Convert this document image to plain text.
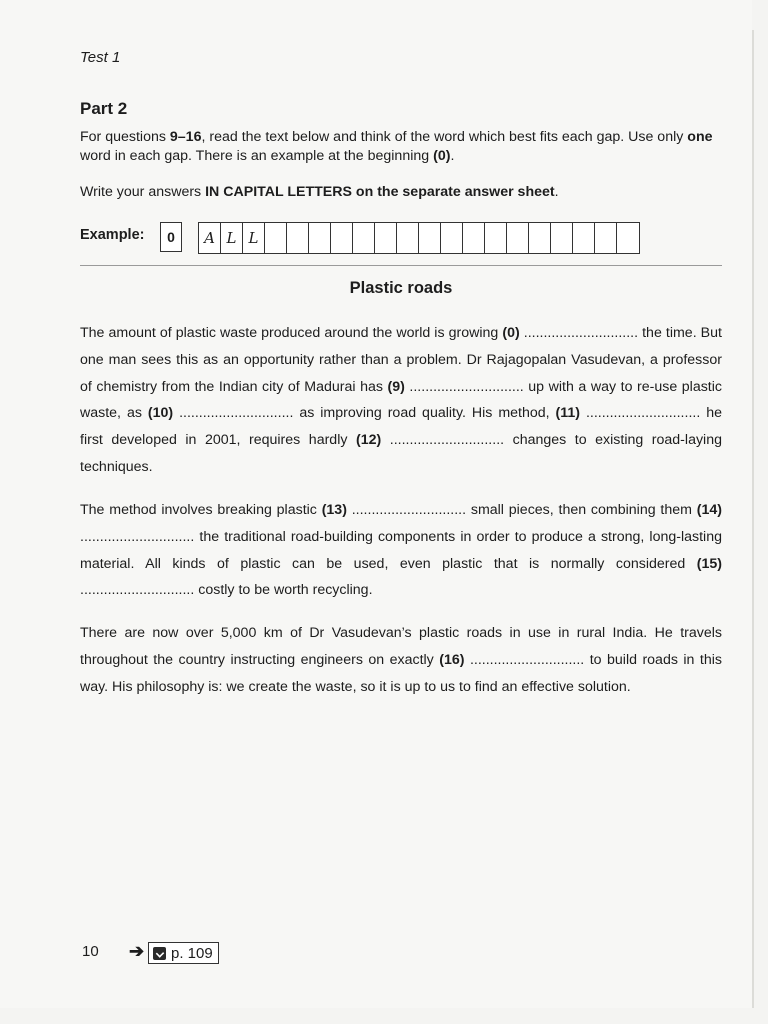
Test 1
Part 2
For questions 9–16, read the text below and think of the word which best fits each gap. Use only one word in each gap. There is an example at the beginning (0).
Write your answers IN CAPITAL LETTERS on the separate answer sheet.
Example:	0	A L L
Plastic roads
The amount of plastic waste produced around the world is growing (0) ............................. the time. But one man sees this as an opportunity rather than a problem. Dr Rajagopalan Vasudevan, a professor of chemistry from the Indian city of Madurai has (9) ............................. up with a way to re-use plastic waste, as (10) ............................. as improving road quality. His method, (11) ............................. he first developed in 2001, requires hardly (12) ............................. changes to existing road-laying techniques.
The method involves breaking plastic (13) ............................. small pieces, then combining them (14) ............................. the traditional road-building components in order to produce a strong, long-lasting material. All kinds of plastic can be used, even plastic that is normally considered (15) ............................. costly to be worth recycling.
There are now over 5,000 km of Dr Vasudevan’s plastic roads in use in rural India. He travels throughout the country instructing engineers on exactly (16) ............................. to build roads in this way. His philosophy is: we create the waste, so it is up to us to find an effective solution.
10 ➔ p. 109
